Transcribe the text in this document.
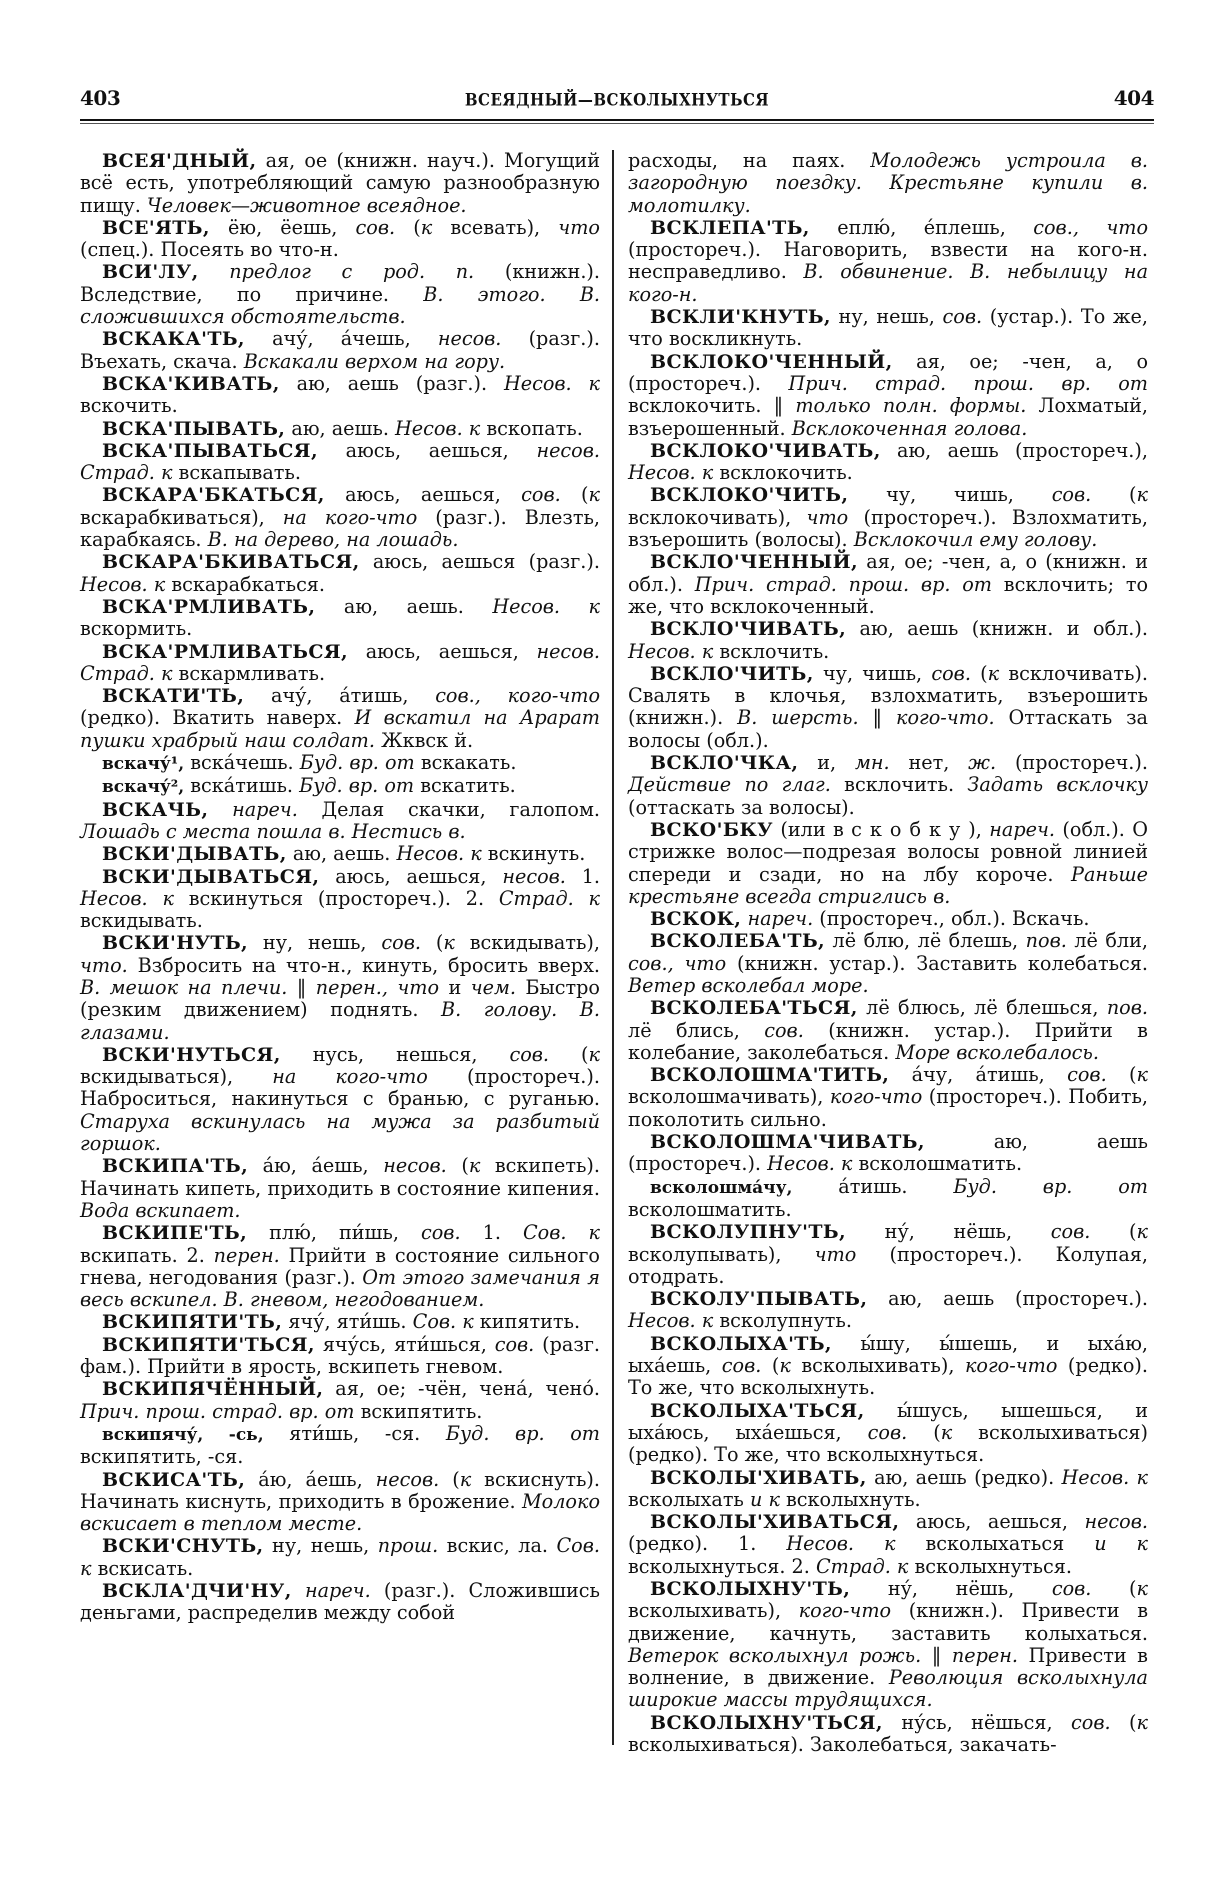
403	ВСЕЯДНЫЙ—ВСКОЛЫХНУТЬСЯ	404

ВСЕЯ'ДНЫЙ, ая, ое (книжн. науч.). Могущий всё есть, употребляющий самую разнообразную пищу. Человек—животное всеядное.

ВСЕ'ЯТЬ, ёю, ёешь, сов. (к всевать), что (спец.). Посеять во что-н.

ВСИ'ЛУ, предлог с род. п. (книжн.). Вследствие, по причине. В. этого. В. сложившихся обстоятельств.

ВСКАКА'ТЬ, ачу́, а́чешь, несов. (разг.). Въехать, скача. Вскакали верхом на гору.

ВСКА'КИВАТЬ, аю, аешь (разг.). Несов. к вскочить.

ВСКА'ПЫВАТЬ, аю, аешь. Несов. к вскопать.

ВСКА'ПЫВАТЬСЯ, аюсь, аешься, несов. Страд. к вскапывать.

ВСКАРА'БКАТЬСЯ, аюсь, аешься, сов. (к вскарабкиваться), на кого-что (разг.). Влезть, карабкаясь. В. на дерево, на лошадь.

ВСКАРА'БКИВАТЬСЯ, аюсь, аешься (разг.). Несов. к вскарабкаться.

ВСКА'РМЛИВАТЬ, аю, аешь. Несов. к вскормить.

ВСКА'РМЛИВАТЬСЯ, аюсь, аешься, несов. Страд. к вскармливать.

ВСКАТИ'ТЬ, ачу́, а́тишь, сов., кого-что (редко). Вкатить наверх. И вскатил на Арарат пушки храбрый наш солдат. Жквск й.

вскачу́¹, вска́чешь. Буд. вр. от вскакать.

вскачу́², вска́тишь. Буд. вр. от вскатить.

ВСКАЧЬ, нареч. Делая скачки, галопом. Лошадь с места пошла в. Нестись в.

ВСКИ'ДЫВАТЬ, аю, аешь. Несов. к вскинуть.

ВСКИ'ДЫВАТЬСЯ, аюсь, аешься, несов. 1. Несов. к вскинуться (простореч.). 2. Страд. к вскидывать.

ВСКИ'НУТЬ, ну, нешь, сов. (к вскидывать), что. Взбросить на что-н., кинуть, бросить вверх. В. мешок на плечи. ‖ перен., что и чем. Быстро (резким движением) поднять. В. голову. В. глазами.

ВСКИ'НУТЬСЯ, нусь, нешься, сов. (к вскидываться), на кого-что (простореч.). Наброситься, накинуться с бранью, с руганью. Старуха вскинулась на мужа за разбитый горшок.

ВСКИПА'ТЬ, а́ю, а́ешь, несов. (к вскипеть). Начинать кипеть, приходить в состояние кипения. Вода вскипает.

ВСКИПЕ'ТЬ, плю́, пи́шь, сов. 1. Сов. к вскипать. 2. перен. Прийти в состояние сильного гнева, негодования (разг.). От этого замечания я весь вскипел. В. гневом, негодованием.

ВСКИПЯТИ'ТЬ, ячу́, яти́шь. Сов. к кипятить.

ВСКИПЯТИ'ТЬСЯ, ячу́сь, яти́шься, сов. (разг. фам.). Прийти в ярость, вскипеть гневом.

ВСКИПЯЧЁННЫЙ, ая, ое; -чён, чена́, чено́. Прич. прош. страд. вр. от вскипятить.

вскипячу́, -сь, яти́шь, -ся. Буд. вр. от вскипятить, -ся.

ВСКИСА'ТЬ, а́ю, а́ешь, несов. (к вскиснуть). Начинать киснуть, приходить в брожение. Молоко вскисает в теплом месте.

ВСКИ'СНУТЬ, ну, нешь, прош. вскис, ла. Сов. к вскисать.

ВСКЛА'ДЧИ'НУ, нареч. (разг.). Сложившись деньгами, распределив между собой

расходы, на паях. Молодежь устроила в. загородную поездку. Крестьяне купили в. молотилку.

ВСКЛЕПА'ТЬ, еплю́, е́плешь, сов., что (простореч.). Наговорить, взвести на кого-н. несправедливо. В. обвинение. В. небылицу на кого-н.

ВСКЛИ'КНУТЬ, ну, нешь, сов. (устар.). То же, что воскликнуть.

ВСКЛОКО'ЧЕННЫЙ, ая, ое; -чен, а, о (простореч.). Прич. страд. прош. вр. от всклокочить. ‖ только полн. формы. Лохматый, взъерошенный. Всклокоченная голова.

ВСКЛОКО'ЧИВАТЬ, аю, аешь (простореч.), Несов. к всклокочить.

ВСКЛОКО'ЧИТЬ, чу, чишь, сов. (к всклокочивать), что (простореч.). Взлохматить, взъерошить (волосы). Всклокочил ему голову.

ВСКЛО'ЧЕННЫЙ, ая, ое; -чен, а, о (книжн. и обл.). Прич. страд. прош. вр. от всклочить; то же, что всклокоченный.

ВСКЛО'ЧИВАТЬ, аю, аешь (книжн. и обл.). Несов. к всклочить.

ВСКЛО'ЧИТЬ, чу, чишь, сов. (к всклочивать). Свалять в клочья, взлохматить, взъерошить (книжн.). В. шерсть. ‖ кого-что. Оттаскать за волосы (обл.).

ВСКЛО'ЧКА, и, мн. нет, ж. (простореч.). Действие по глаг. всклочить. Задать всклочку (оттаскать за волосы).

ВСКО'БКУ (или в скобку), нареч. (обл.). О стрижке волос—подрезая волосы ровной линией спереди и сзади, но на лбу короче. Раньше крестьяне всегда стриглись в.

ВСКОК, нареч. (простореч., обл.). Вскачь.

ВСКОЛЕБА'ТЬ, лё блю, лё блешь, пов. лё бли, сов., что (книжн. устар.). Заставить колебаться. Ветер всколебал море.

ВСКОЛЕБА'ТЬСЯ, лё блюсь, лё блешься, пов. лё блись, сов. (книжн. устар.). Прийти в колебание, заколебаться. Море всколебалось.

ВСКОЛОШМА'ТИТЬ, а́чу, а́тишь, сов. (к всколошмачивать), кого-что (простореч.). Побить, поколотить сильно.

ВСКОЛОШМА'ЧИВАТЬ, аю, аешь (простореч.). Несов. к всколошматить.

всколошма́чу, а́тишь. Буд. вр. от всколошматить.

ВСКОЛУПНУ'ТЬ, ну́, нёшь, сов. (к всколупывать), что (простореч.). Колупая, отодрать.

ВСКОЛУ'ПЫВАТЬ, аю, аешь (простореч.). Несов. к всколупнуть.

ВСКОЛЫХА'ТЬ, ы́шу, ы́шешь, и ыха́ю, ыха́ешь, сов. (к всколыхивать), кого-что (редко). То же, что всколыхнуть.

ВСКОЛЫХА'ТЬСЯ, ы́шусь, ышешься, и ыха́юсь, ыха́ешься, сов. (к всколыхиваться) (редко). То же, что всколыхнуться.

ВСКОЛЫ'ХИВАТЬ, аю, аешь (редко). Несов. к всколыхать и к всколыхнуть.

ВСКОЛЫ'ХИВАТЬСЯ, аюсь, аешься, несов. (редко). 1. Несов. к всколыхаться и к всколыхнуться. 2. Страд. к всколыхнуться.

ВСКОЛЫХНУ'ТЬ, ну́, нёшь, сов. (к всколыхивать), кого-что (книжн.). Привести в движение, качнуть, заставить колыхаться. Ветерок всколыхнул рожь. ‖ перен. Привести в волнение, в движение. Революция всколыхнула широкие массы трудящихся.

ВСКОЛЫХНУ'ТЬСЯ, ну́сь, нёшься, сов. (к всколыхиваться). Заколебаться, закачать-
